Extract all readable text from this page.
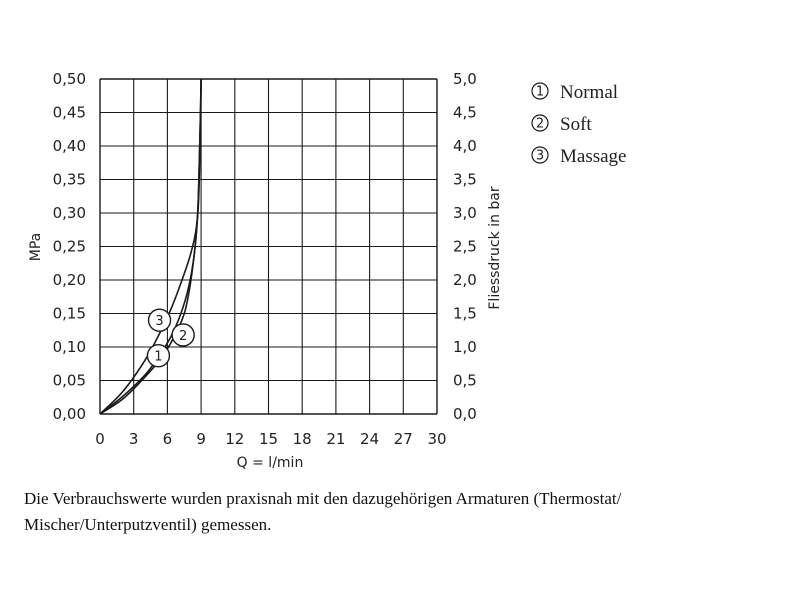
1
2
3
0 3 6 9 12 15 18 21 24 27 30
0,00	0,0
0,05	0,5
0,10	1,0
0,15	1,5
0,20	2,0
0,25	2,5
0,30	3,0
0,35	3,5
0,40	4,0
0,45	4,5
0,50	5,0
Q = l/min
MPa	Fliessdruck in bar
1 Normal
2 Soft
3 Massage
Die Verbrauchswerte wurden praxisnah mit den dazugehörigen Armaturen (Thermostat/ Mischer/Unterputzventil) gemessen.
